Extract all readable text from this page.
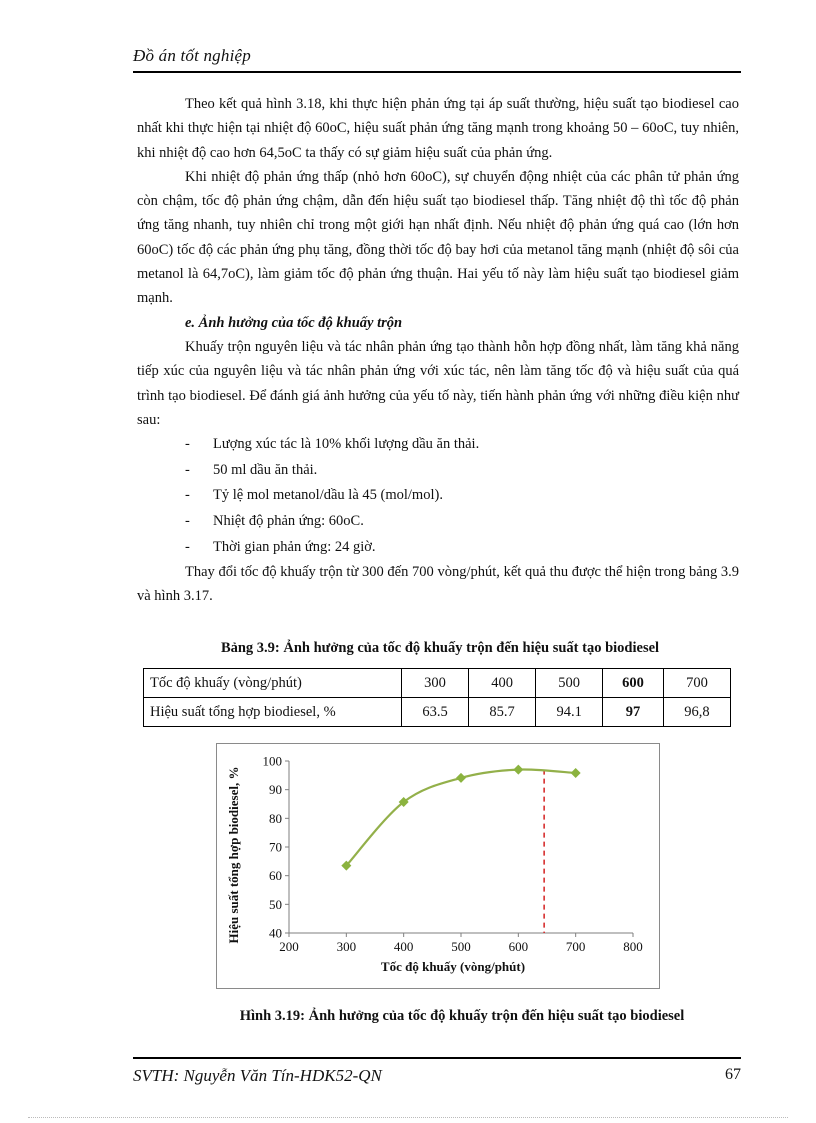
Đồ án tốt nghiệp

Theo kết quả hình 3.18, khi thực hiện phản ứng tại áp suất thường, hiệu suất tạo biodiesel cao nhất khi thực hiện tại nhiệt độ 60oC, hiệu suất phản ứng tăng mạnh trong khoảng 50 – 60oC, tuy nhiên, khi nhiệt độ cao hơn 64,5oC ta thấy có sự giảm hiệu suất của phản ứng.

Khi nhiệt độ phản ứng thấp (nhỏ hơn 60oC), sự chuyển động nhiệt của các phân tử phản ứng còn chậm, tốc độ phản ứng chậm, dẫn đến hiệu suất tạo biodiesel thấp. Tăng nhiệt độ thì tốc độ phản ứng tăng nhanh, tuy nhiên chỉ trong một giới hạn nhất định. Nếu nhiệt độ phản ứng quá cao (lớn hơn 60oC) tốc độ các phản ứng phụ tăng, đồng thời tốc độ bay hơi của metanol tăng mạnh (nhiệt độ sôi của metanol là 64,7oC), làm giảm tốc độ phản ứng thuận. Hai yếu tố này làm hiệu suất tạo biodiesel giảm mạnh.

e. Ảnh hưởng của tốc độ khuấy trộn

Khuấy trộn nguyên liệu và tác nhân phản ứng tạo thành hỗn hợp đồng nhất, làm tăng khả năng tiếp xúc của nguyên liệu và tác nhân phản ứng với xúc tác, nên làm tăng tốc độ và hiệu suất của quá trình tạo biodiesel. Để đánh giá ảnh hưởng của yếu tố này, tiến hành phản ứng với những điều kiện như sau:

- Lượng xúc tác là 10% khối lượng dầu ăn thải.
- 50 ml dầu ăn thải.
- Tỷ lệ mol metanol/dầu là 45 (mol/mol).
- Nhiệt độ phản ứng: 60oC.
- Thời gian phản ứng: 24 giờ.

Thay đổi tốc độ khuấy trộn từ 300 đến 700 vòng/phút, kết quả thu được thể hiện trong bảng 3.9 và hình 3.17.

Bảng 3.9: Ảnh hưởng của tốc độ khuấy trộn đến hiệu suất tạo biodiesel
Tốc độ khuấy (vòng/phút)	300	400	500	600	700
Hiệu suất tổng hợp biodiesel, %	63.5	85.7	94.1	97	96,8
40
50
60
70
80
90
100
200	300	400	500	600	700	800
Tốc độ khuấy (vòng/phút)
Hiệu suất tổng hợp biodiesel, %
Hình 3.19: Ảnh hưởng của tốc độ khuấy trộn đến hiệu suất tạo biodiesel
SVTH: Nguyễn Văn Tín-HDK52-QN	67
